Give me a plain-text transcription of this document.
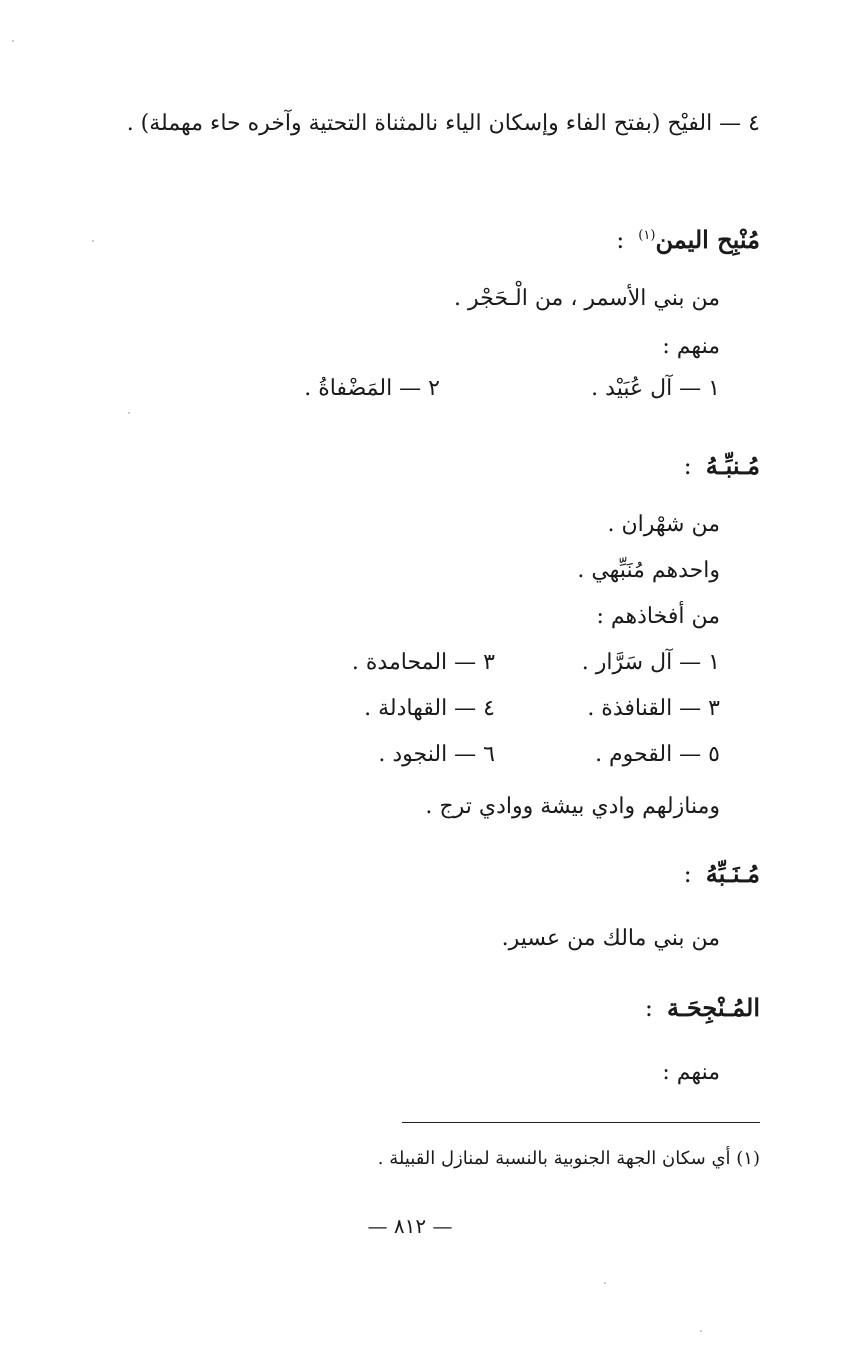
٤ — الفيْح (بفتح الفاء وإسكان الياء نالمثناة التحتية وآخره حاء مهملة) .
مُنْبِح اليمن$^{(١)}$:
من بني الأسمر ، من الْـحَجْر .
منهم :
١ — آل عُبَيْد .
٢ — المَضْفاةُ .
مُـنبِّـهُ:
من شهْران .
واحدهم مُنَبِّهي .
من أفخاذهم :
١ — آل سَرَّار .
٣ — المحامدة .
٣ — القنافذة .
٤ — القهادلة .
٥ — القحوم .
٦ — النجود .
ومنازلهم وادي بيشة ووادي ترج .
مُـنَـبِّهُ:
من بني مالك من عسير.
المُـنْجِحَـة:
منهم :
(١) أي سكان الجهة الجنوبية بالنسبة لمنازل القبيلة .
— ٨١٢ —
